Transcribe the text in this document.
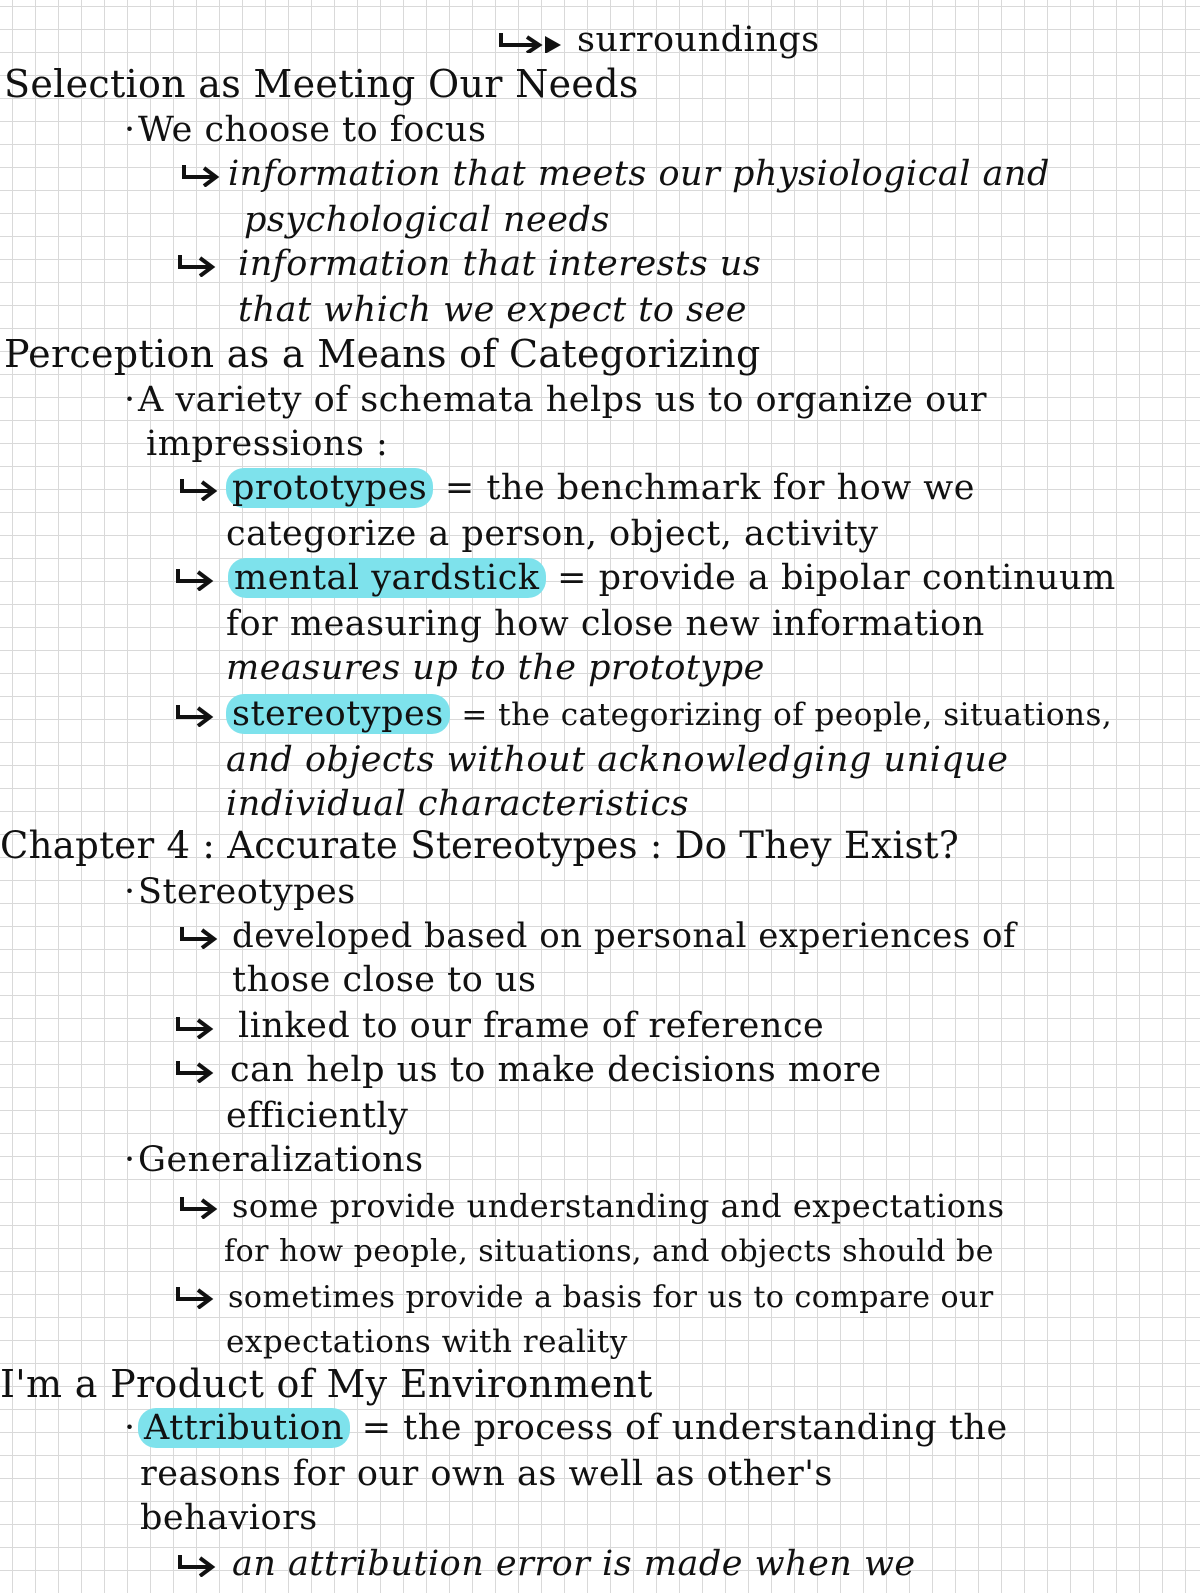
surroundings
Selection as Meeting Our Needs
·We choose to focus
information that meets our physiological and
psychological needs
information that interests us
that which we expect to see
Perception as a Means of Categorizing
·A variety of schemata helps us to organize our
impressions :
prototypes = the benchmark for how we
categorize a person, object, activity
mental yardstick = provide a bipolar continuum
for measuring how close new information
measures up to the prototype
stereotypes = the categorizing of people, situations,
and objects without acknowledging unique
individual characteristics
Chapter 4 : Accurate Stereotypes : Do They Exist?
·Stereotypes
developed based on personal experiences of
those close to us
linked to our frame of reference
can help us to make decisions more
efficiently
·Generalizations
some provide understanding and expectations
for how people, situations, and objects should be
sometimes provide a basis for us to compare our
expectations with reality
I'm a Product of My Environment
· Attribution = the process of understanding the
reasons for our own as well as other's
behaviors
an attribution error is made when we
